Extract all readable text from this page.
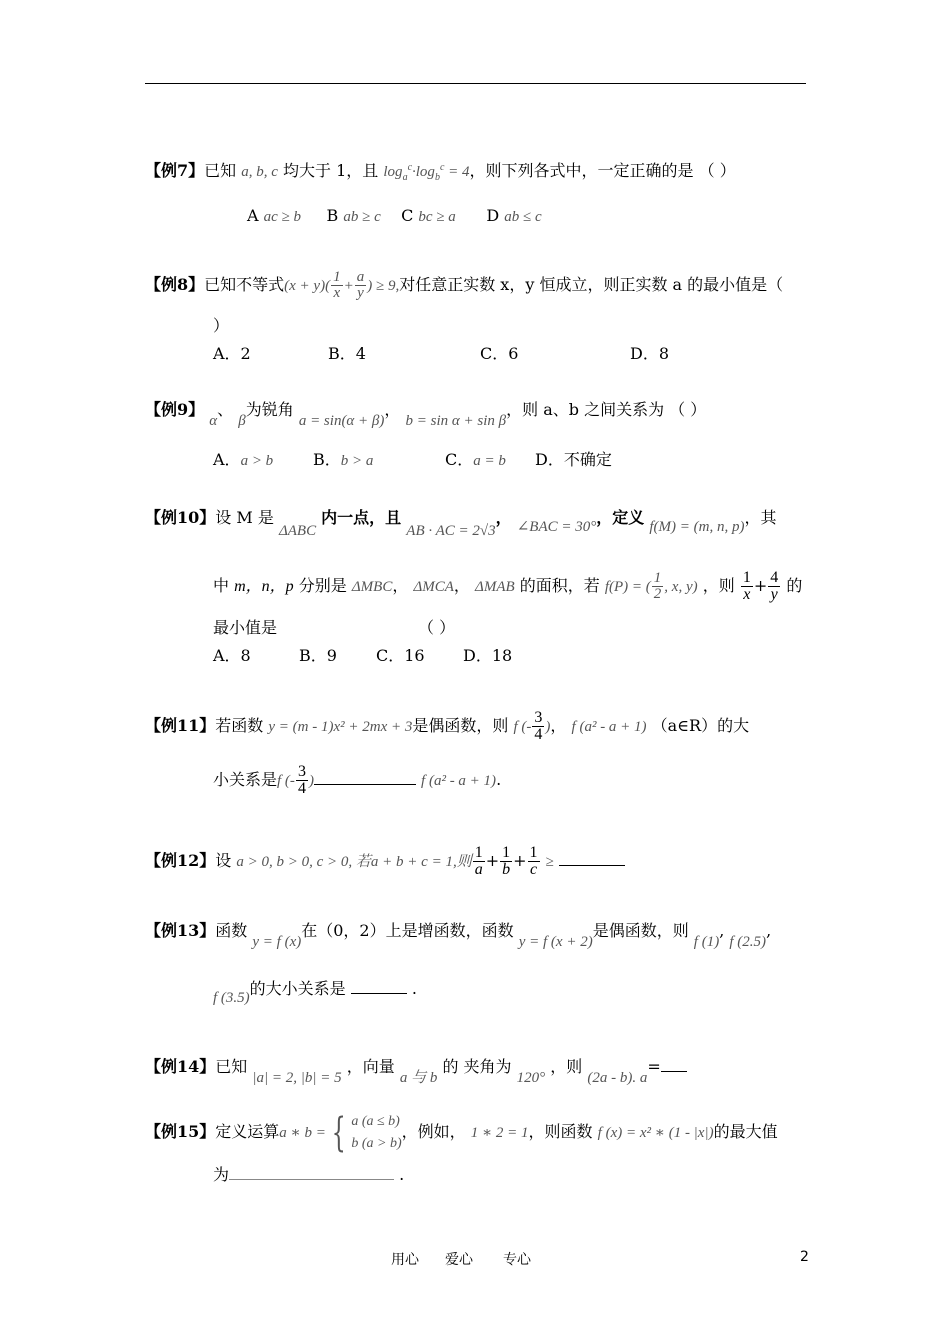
【例7】已知 a, b, c 均大于 1，且 $\log_a^c\cdot\log_b^c = 4$，则下列各式中，一定正确的是 （ ）
A ac ≥ b B ab ≥ c C bc ≥ a D ab ≤ c
【例8】已知不等式$(x + y)( \frac{1}{x} + \frac{a}{y}$ ) ≥ 9,对任意正实数 x，y 恒成立，则正实数 a 的最小值是（
）
A．2	B．4	C．6	D．8
【例9】 α、 β为锐角 a = sin(α + β)， b = sin α + sin β，则 a、b 之间关系为 （ ）
A．a > b B．b > a	C．a = b D．不确定
【例10】设 M 是 ΔABC 内一点，且 AB · AC = 2√3， ∠BAC = 30°，定义 f(M) = (m, n, p)，其
中 m，n，p 分别是 ΔMBC， ΔMCA， ΔMAB 的面积，若 f(P) = ( $\frac{1}{2}$ , x, y) ，则 $\frac{1}{x} + \frac{4}{y}$ 的
最小值是	（ ）
A．8	B．9 C．16 D．18
【例11】若函数 y = (m - 1)x² + 2mx + 3是偶函数，则 f (- $\frac{3}{4}$ )， f (a² - a + 1) （a∈R）的大
小关系是f (- $\frac{3}{4}$ )	f (a² - a + 1).
【例12】设 a > 0, b > 0, c > 0, 若a + b + c = 1,则 $\frac{1}{a} + \frac{1}{b} + \frac{1}{c}$ ≥
【例13】函数 y = f (x)在（0，2）上是增函数，函数 y = f (x + 2)是偶函数，则 f (1), f (2.5),
f (3.5)的大小关系是	.
【例14】已知 |a| = 2, |b| = 5 ，向量 a 与 b 的 夹角为 120° ，则 (2a - b). a=
【例15】定义运算a ∗ b = { a (a ≤ b)
b (a > b)
，例如， 1 ∗ 2 = 1，则函数 f (x) = x² ∗ (1 - |x|)的最大值
为	.
用心 爱心 专心	2
